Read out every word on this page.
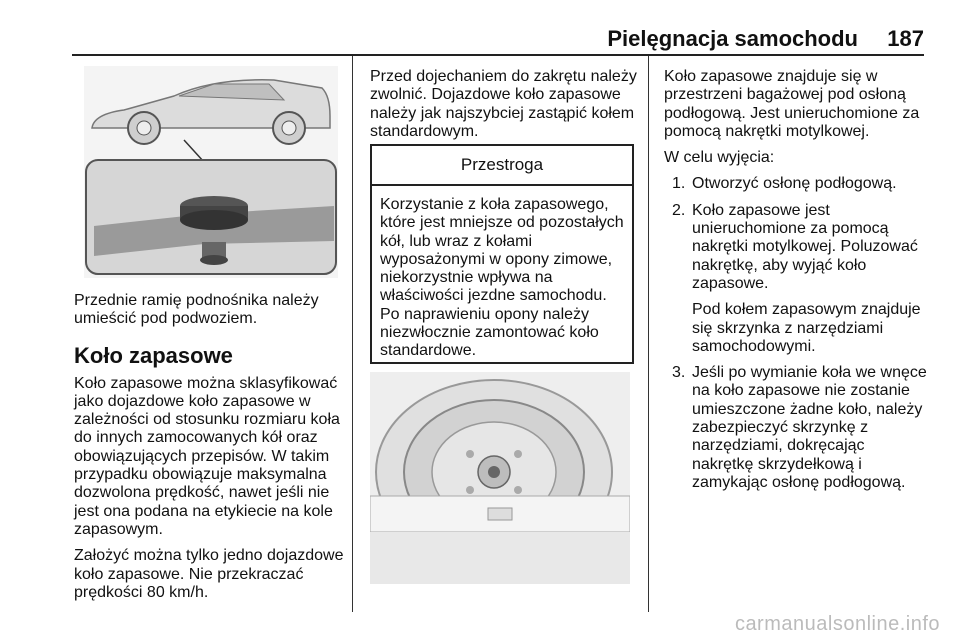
Pielęgnacja samochodu 187

Przednie ramię podnośnika należy umieścić pod podwoziem.

Koło zapasowe

Koło zapasowe można sklasyfikować jako dojazdowe koło zapasowe w zależności od stosunku rozmiaru koła do innych zamocowanych kół oraz obowiązujących przepisów. W takim przypadku obowiązuje maksymalna dozwolona prędkość, nawet jeśli nie jest ona podana na etykiecie na kole zapasowym.

Założyć można tylko jedno dojazdowe koło zapasowe. Nie przekraczać prędkości 80 km/h.

Przed dojechaniem do zakrętu należy zwolnić. Dojazdowe koło zapasowe należy jak najszybciej zastąpić kołem standardowym.

Przestroga
Korzystanie z koła zapasowego, które jest mniejsze od pozostałych kół, lub wraz z kołami wyposażonymi w opony zimowe, niekorzystnie wpływa na właściwości jezdne samochodu. Po naprawieniu opony należy niezwłocznie zamontować koło standardowe.

Koło zapasowe znajduje się w przestrzeni bagażowej pod osłoną podłogową. Jest unieruchomione za pomocą nakrętki motylkowej.

W celu wyjęcia:

1. Otworzyć osłonę podłogową.

2. Koło zapasowe jest unieruchomione za pomocą nakrętki motylkowej. Poluzować nakrętkę, aby wyjąć koło zapasowe.

Pod kołem zapasowym znajduje się skrzynka z narzędziami samochodowymi.

3. Jeśli po wymianie koła we wnęce na koło zapasowe nie zostanie umieszczone żadne koło, należy zabezpieczyć skrzynkę z narzędziami, dokręcając nakrętkę skrzydełkową i zamykając osłonę podłogową.

carmanualsonline.info
